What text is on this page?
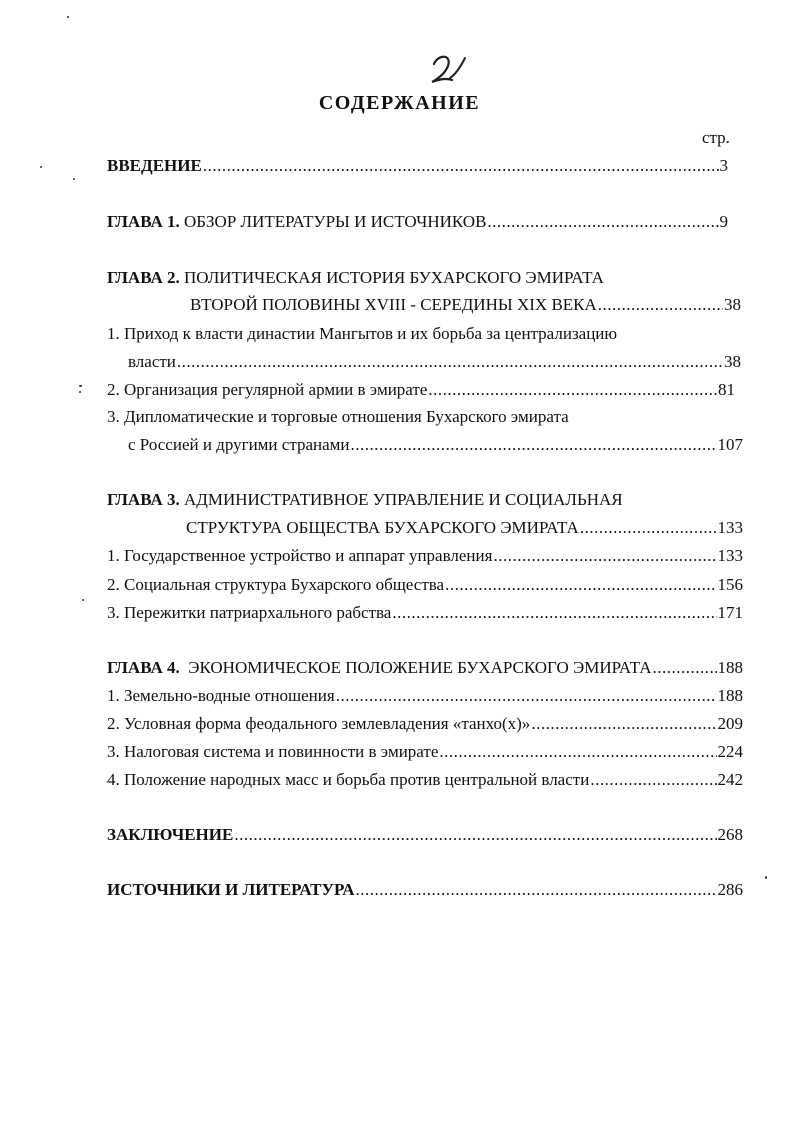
СОДЕРЖАНИЕ
стр.
ВВЕДЕНИЕ .....	3
ГЛАВА 1. ОБЗОР ЛИТЕРАТУРЫ И ИСТОЧНИКОВ .....	9
ГЛАВА 2. ПОЛИТИЧЕСКАЯ ИСТОРИЯ БУХАРСКОГО ЭМИРАТА
ВТОРОЙ ПОЛОВИНЫ XVIII - СЕРЕДИНЫ XIX ВЕКА .....	38
1. Приход к власти династии Мангытов и их борьба за централизацию
власти .....	38
2. Организация регулярной армии в эмирате .....	81
3. Дипломатические и торговые отношения Бухарского эмирата
с Россией и другими странами .....	107
ГЛАВА 3. АДМИНИСТРАТИВНОЕ УПРАВЛЕНИЕ И СОЦИАЛЬНАЯ
СТРУКТУРА ОБЩЕСТВА БУХАРСКОГО ЭМИРАТА .....	133
1. Государственное устройство и аппарат управления .....	133
2. Социальная структура Бухарского общества .....	156
3. Пережитки патриархального рабства .....	171
ГЛАВА 4. ЭКОНОМИЧЕСКОЕ ПОЛОЖЕНИЕ БУХАРСКОГО ЭМИРАТА .....	188
1. Земельно-водные отношения .....	188
2. Условная форма феодального землевладения «танхо(х)» .....	209
3. Налоговая система и повинности в эмирате .....	224
4. Положение народных масс и борьба против центральной власти .....	242
ЗАКЛЮЧЕНИЕ .....	268
ИСТОЧНИКИ И ЛИТЕРАТУРА .....	286
